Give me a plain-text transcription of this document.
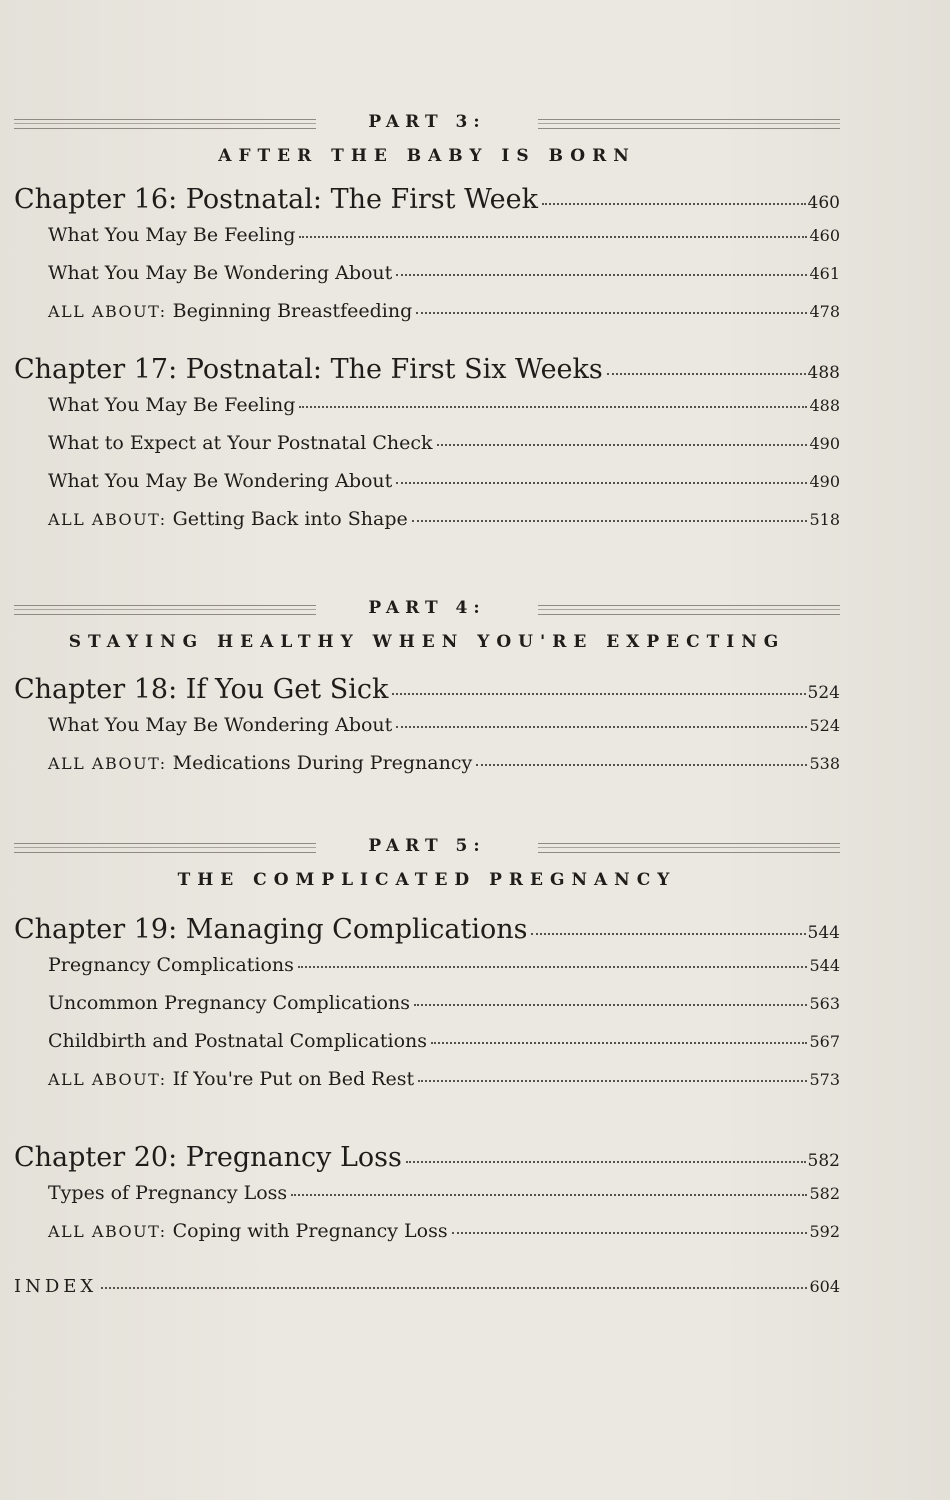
PART 3:
AFTER THE BABY IS BORN
Chapter 16: Postnatal: The First Week	460
What You May Be Feeling	460
What You May Be Wondering About	461
ALL ABOUT: Beginning Breastfeeding	478
Chapter 17: Postnatal: The First Six Weeks	488
What You May Be Feeling	488
What to Expect at Your Postnatal Check	490
What You May Be Wondering About	490
ALL ABOUT: Getting Back into Shape	518
PART 4:
STAYING HEALTHY WHEN YOU'RE EXPECTING
Chapter 18: If You Get Sick	524
What You May Be Wondering About	524
ALL ABOUT: Medications During Pregnancy	538
PART 5:
THE COMPLICATED PREGNANCY
Chapter 19: Managing Complications	544
Pregnancy Complications	544
Uncommon Pregnancy Complications	563
Childbirth and Postnatal Complications	567
ALL ABOUT: If You're Put on Bed Rest	573
Chapter 20: Pregnancy Loss	582
Types of Pregnancy Loss	582
ALL ABOUT: Coping with Pregnancy Loss	592
INDEX	604
